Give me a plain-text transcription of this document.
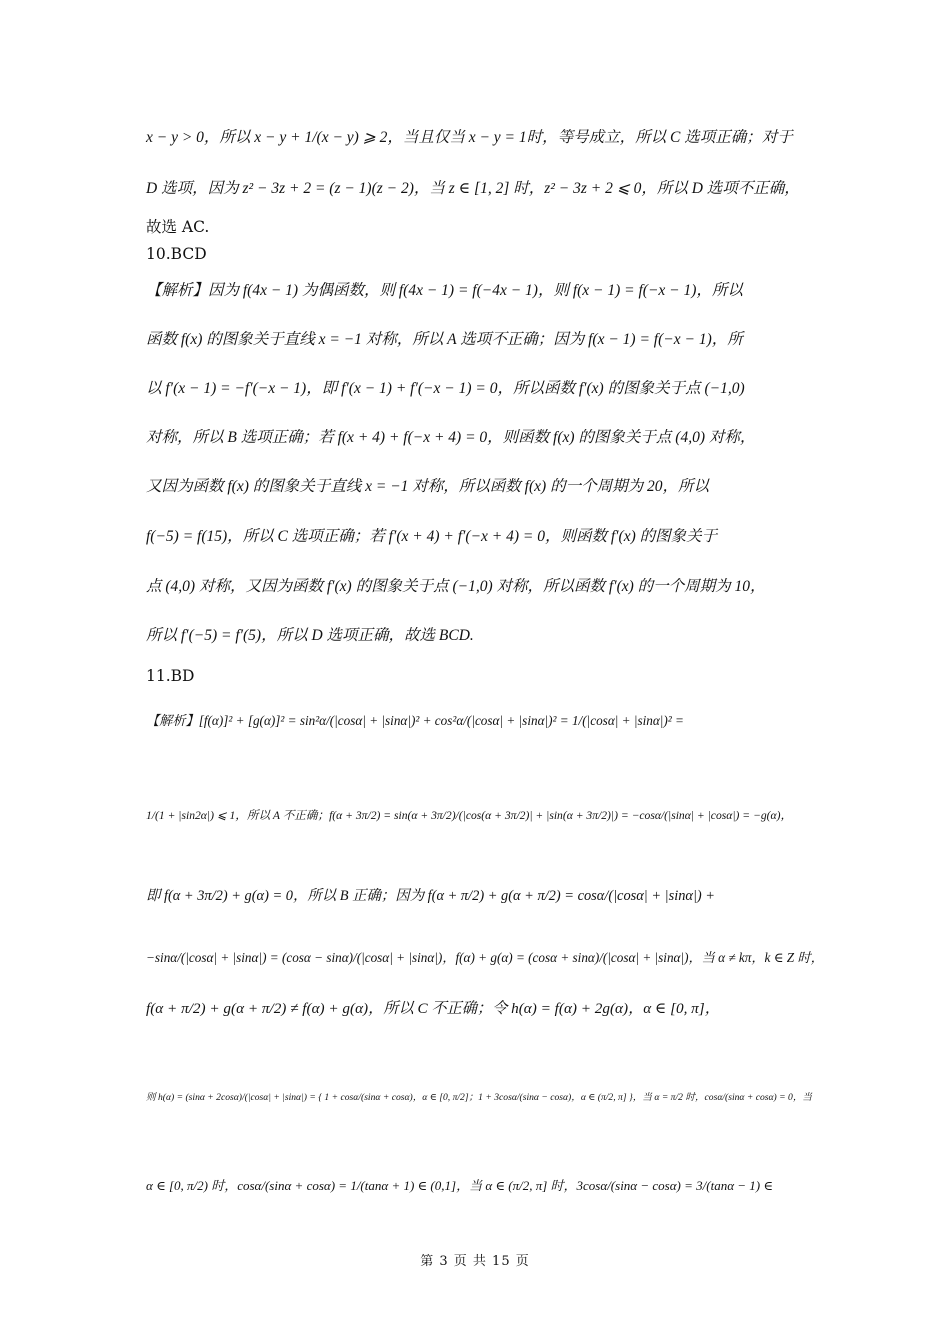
x − y > 0，所以 x − y + 1/(x − y) ⩾ 2，当且仅当 x − y = 1时，等号成立，所以 C 选项正确；对于
D 选项，因为 z² − 3z + 2 = (z − 1)(z − 2)，当 z ∈ [1, 2] 时，z² − 3z + 2 ⩽ 0，所以 D 选项不正确，
故选 AC.
10.BCD
【解析】因为 f(4x − 1) 为偶函数，则 f(4x − 1) = f(−4x − 1)，则 f(x − 1) = f(−x − 1)，所以
函数 f(x) 的图象关于直线 x = −1 对称，所以 A 选项不正确；因为 f(x − 1) = f(−x − 1)，所
以 f′(x − 1) = −f′(−x − 1)，即 f′(x − 1) + f′(−x − 1) = 0，所以函数 f′(x) 的图象关于点 (−1,0)
对称，所以 B 选项正确；若 f(x + 4) + f(−x + 4) = 0，则函数 f(x) 的图象关于点 (4,0) 对称，
又因为函数 f(x) 的图象关于直线 x = −1 对称，所以函数 f(x) 的一个周期为 20，所以
f(−5) = f(15)，所以 C 选项正确；若 f′(x + 4) + f′(−x + 4) = 0，则函数 f′(x) 的图象关于
点 (4,0) 对称，又因为函数 f′(x) 的图象关于点 (−1,0) 对称，所以函数 f′(x) 的一个周期为 10，
所以 f′(−5) = f′(5)，所以 D 选项正确，故选 BCD.
11.BD
【解析】[f(α)]² + [g(α)]² = sin²α/(|cosα| + |sinα|)² + cos²α/(|cosα| + |sinα|)² = 1/(|cosα| + |sinα|)² =
1/(1 + |sin2α|) ⩽ 1，所以 A 不正确；f(α + 3π/2) = sin(α + 3π/2)/(|cos(α + 3π/2)| + |sin(α + 3π/2)|) = −cosα/(|sinα| + |cosα|) = −g(α)，
即 f(α + 3π/2) + g(α) = 0，所以 B 正确；因为 f(α + π/2) + g(α + π/2) = cosα/(|cosα| + |sinα|) +
−sinα/(|cosα| + |sinα|) = (cosα − sinα)/(|cosα| + |sinα|)，f(α) + g(α) = (cosα + sinα)/(|cosα| + |sinα|)，当 α ≠ kπ，k ∈ Z 时，
f(α + π/2) + g(α + π/2) ≠ f(α) + g(α)，所以 C 不正确；令 h(α) = f(α) + 2g(α)，α ∈ [0, π]，
则 h(α) = (sinα + 2cosα)/(|cosα| + |sinα|) = { 1 + cosα/(sinα + cosα)，α ∈ [0, π/2]；1 + 3cosα/(sinα − cosα)，α ∈ (π/2, π] }，当 α = π/2 时，cosα/(sinα + cosα) = 0，当
α ∈ [0, π/2) 时，cosα/(sinα + cosα) = 1/(tanα + 1) ∈ (0,1]，当 α ∈ (π/2, π] 时，3cosα/(sinα − cosα) = 3/(tanα − 1) ∈
第 3 页 共 15 页
